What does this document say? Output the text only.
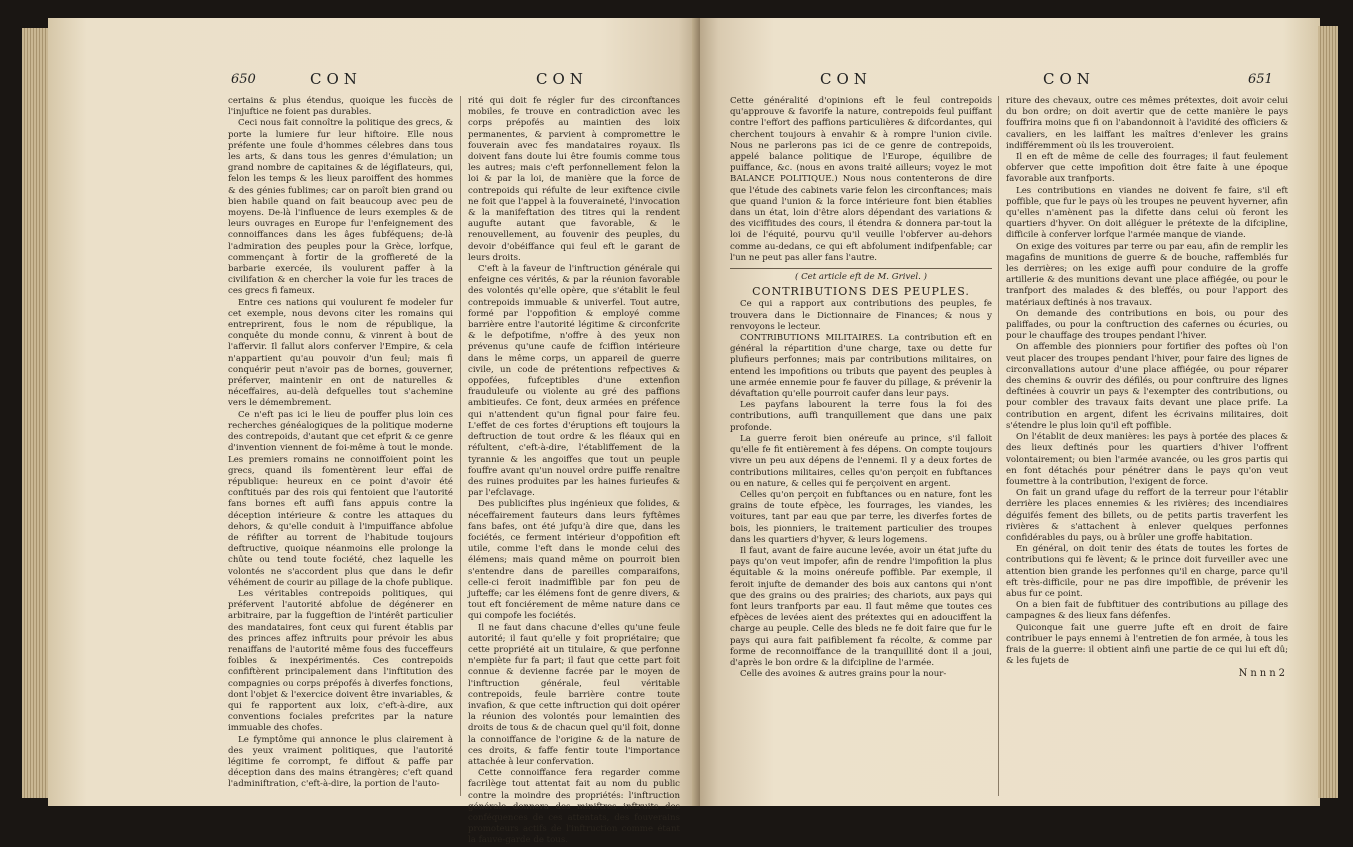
650	CON	CON

certains & plus étendus, quoique les fuccès de l'injuftice ne foient pas durables.

Ceci nous fait connoître la politique des grecs, & porte la lumiere fur leur hiftoire. Elle nous préfente une foule d'hommes célebres dans tous les arts, & dans tous les genres d'émulation; un grand nombre de capitaines & de légiflateurs, qui, felon les temps & les lieux paroiffent des hommes & des génies fublimes; car on paroît bien grand ou bien habile quand on fait beaucoup avec peu de moyens. De-là l'influence de leurs exemples & de leurs ouvrages en Europe fur l'enfeignement des connoiffances dans les âges fubféquens; de-là l'admiration des peuples pour la Grèce, lorfque, commençant à fortir de la groffiereté de la barbarie exercée, ils voulurent paffer à la civilifation & en chercher la voie fur les traces de ces grecs fi fameux.

Entre ces nations qui voulurent fe modeler fur cet exemple, nous devons citer les romains qui entreprirent, fous le nom de république, la conquête du monde connu, & vinrent à bout de l'affervir. Il fallut alors conferver l'Empire, & cela n'appartient qu'au pouvoir d'un feul; mais fi conquérir peut n'avoir pas de bornes, gouverner, préferver, maintenir en ont de naturelles & néceffaires, au-delà defquelles tout s'achemine vers le démembrement.

Ce n'eft pas ici le lieu de pouffer plus loin ces recherches généalogiques de la politique moderne des contrepoids, d'autant que cet efprit & ce genre d'invention viennent de foi-même à tout le monde. Les premiers romains ne connoiffoient point les grecs, quand ils fomentèrent leur effai de république: heureux en ce point d'avoir été conftitués par des rois qui fentoient que l'autorité fans bornes eft auffi fans appuis contre la déception intérieure & contre les attaques du dehors, & qu'elle conduit à l'impuiffance abfolue de réfifter au torrent de l'habitude toujours deftructive, quoique néanmoins elle prolonge la chûte ou tend toute fociété, chez laquelle les volontés ne s'accordent plus que dans le defir véhément de courir au pillage de la chofe publique.

Les véritables contrepoids politiques, qui préfervent l'autorité abfolue de dégénerer en arbitraire, par la fuggeftion de l'intérêt particulier des mandataires, font ceux qui furent établis par des princes affez inftruits pour prévoir les abus renaiffans de l'autorité même fous des fucceffeurs foibles & inexpérimentés. Ces contrepoids confiftèrent principalement dans l'inftitution des compagnies ou corps prépofés à diverfes fonctions, dont l'objet & l'exercice doivent être invariables, & qui fe rapportent aux loix, c'eft-à-dire, aux conventions fociales prefcrites par la nature immuable des chofes.

Le fymptôme qui annonce le plus clairement à des yeux vraiment politiques, que l'autorité légitime fe corrompt, fe diffout & paffe par déception dans des mains étrangères; c'eft quand l'adminiftration, c'eft-à-dire, la portion de l'auto-

rité qui doit fe régler fur des circonftances mobiles, fe trouve en contradiction avec les corps prépofés au maintien des loix permanentes, & parvient à compromettre le fouverain avec fes mandataires royaux. Ils doivent fans doute lui être foumis comme tous les autres; mais c'eft perfonnellement felon la loi & par la loi, de manière que la force de contrepoids qui réfulte de leur exiftence civile ne foit que l'appel à la fouveraineté, l'invocation & la manifeftation des titres qui la rendent augufte autant que favorable, & le renouvellement, au fouvenir des peuples, du devoir d'obéiffance qui feul eft le garant de leurs droits.

C'eft à la faveur de l'inftruction générale qui enfeigne ces vérités, & par la réunion favorable des volontés qu'elle opère, que s'établit le feul contrepoids immuable & univerfel. Tout autre, formé par l'oppofition & employé comme barrière entre l'autorité légitime & circonfcrite & le defpotifme, n'offre à des yeux non prévenus qu'une caufe de fciffion intérieure dans le même corps, un appareil de guerre civile, un code de prétentions refpectives & oppofées, fufceptibles d'une extenfion frauduleufe ou violente au gré des paffions ambitieufes. Ce font, deux armées en préfence qui n'attendent qu'un fignal pour faire feu. L'effet de ces fortes d'éruptions eft toujours la deftruction de tout ordre & les fléaux qui en réfultent, c'eft-à-dire, l'établiffement de la tyrannie & les angoiffes que tout un peuple fouffre avant qu'un nouvel ordre puiffe renaître des ruines produites par les haines furieufes & par l'efclavage.

Des publiciftes plus ingénieux que folides, & néceffairement fauteurs dans leurs fyftêmes fans bafes, ont été jufqu'à dire que, dans les fociétés, ce ferment intérieur d'oppofition eft utile, comme l'eft dans le monde celui des élémens; mais quand même on pourroit bien s'entendre dans de pareilles comparaifons, celle-ci feroit inadmiffible par fon peu de jufteffe; car les élémens font de genre divers, & tout eft fonciérement de même nature dans ce qui compofe les fociétés.

Il ne faut dans chacune d'elles qu'une feule autorité; il faut qu'elle y foit propriétaire; que cette propriété ait un titulaire, & que perfonne n'empiète fur fa part; il faut que cette part foit connue & devienne facrée par le moyen de l'inftruction générale, feul véritable contrepoids, feule barrière contre toute invafion, & que cette inftruction qui doit opérer la réunion des volontés pour lemaintien des droits de tous & de chacun quel qu'il foit, donne la connoiffance de l'origine & de la nature de ces droits, & faffe fentir toute l'importance attachée à leur confervation.

Cette connoiffance fera regarder comme facrilège tout attentat fait au nom du public contre la moindre des propriétés: l'inftruction générale donnera des miniftres inftruits des conféquences de ces attentats, des fouverains promoteurs actifs de l'inftruction comme étant la fauve-garde de tous.

CON	CON	651

Cette généralité d'opinions eft le feul contrepoids qu'approuve & favorife la nature, contrepoids feul puiffant contre l'effort des paffions particulières & difcordantes, qui cherchent toujours à envahir & à rompre l'union civile. Nous ne parlerons pas ici de ce genre de contrepoids, appelé balance politique de l'Europe, équilibre de puiffance, &c. (nous en avons traité ailleurs; voyez le mot BALANCE POLITIQUE.) Nous nous contenterons de dire que l'étude des cabinets varie felon les circonftances; mais que quand l'union & la force intérieure font bien établies dans un état, loin d'être alors dépendant des variations & des viciffitudes des cours, il étendra & donnera par-tout la loi de l'équité, pourvu qu'il veuille l'obferver au-dehors comme au-dedans, ce qui eft abfolument indifpenfable; car l'un ne peut pas aller fans l'autre.

( Cet article eft de M. Grivel. )

CONTRIBUTIONS DES PEUPLES.

Ce qui a rapport aux contributions des peuples, fe trouvera dans le Dictionnaire de Finances; & nous y renvoyons le lecteur.

CONTRIBUTIONS MILITAIRES. La contribution eft en général la répartition d'une charge, taxe ou dette fur plufieurs perfonnes; mais par contributions militaires, on entend les impofitions ou tributs que payent des peuples à une armée ennemie pour fe fauver du pillage, & prévenir la dévaftation qu'elle pourroit caufer dans leur pays.

Les payfans labourent la terre fous la foi des contributions, auffi tranquillement que dans une paix profonde.

La guerre feroit bien onéreufe au prince, s'il falloit qu'elle fe fit entièrement à fes dépens. On compte toujours vivre un peu aux dépens de l'ennemi. Il y a deux fortes de contributions militaires, celles qu'on perçoit en fubftances ou en nature, & celles qui fe perçoivent en argent.

Celles qu'on perçoit en fubftances ou en nature, font les grains de toute efpèce, les fourrages, les viandes, les voitures, tant par eau que par terre, les diverfes fortes de bois, les pionniers, le traitement particulier des troupes dans les quartiers d'hyver, & leurs logemens.

Il faut, avant de faire aucune levée, avoir un état jufte du pays qu'on veut impofer, afin de rendre l'impofition la plus équitable & la moins onéreufe poffible. Par exemple, il feroit injufte de demander des bois aux cantons qui n'ont que des grains ou des prairies; des chariots, aux pays qui font leurs tranfports par eau. Il faut même que toutes ces efpèces de levées aient des prétextes qui en adouciffent la charge au peuple. Celle des bleds ne fe doit faire que fur le pays qui aura fait paifiblement fa récolte, & comme par forme de reconnoiffance de la tranquillité dont il a joui, d'après le bon ordre & la difcipline de l'armée.

Celle des avoines & autres grains pour la nour-

riture des chevaux, outre ces mêmes prétextes, doit avoir celui du bon ordre; on doit avertir que de cette manière le pays fouffrira moins que fi on l'abandonnoit à l'avidité des officiers & cavaliers, en les laiffant les maîtres d'enlever les grains indifféremment où ils les trouveroient.

Il en eft de même de celle des fourrages; il faut feulement obferver que cette impofition doit être faite à une époque favorable aux tranfports.

Les contributions en viandes ne doivent fe faire, s'il eft poffible, que fur le pays où les troupes ne peuvent hyverner, afin qu'elles n'amènent pas la difette dans celui où feront les quartiers d'hyver. On doit alléguer le prétexte de la difcipline, difficile à conferver lorfque l'armée manque de viande.

On exige des voitures par terre ou par eau, afin de remplir les magafins de munitions de guerre & de bouche, raffemblés fur les derrières; on les exige auffi pour conduire de la groffe artillerie & des munitions devant une place affiégée, ou pour le tranfport des malades & des bleffés, ou pour l'apport des matériaux deftinés à nos travaux.

On demande des contributions en bois, ou pour des paliffades, ou pour la conftruction des cafernes ou écuries, ou pour le chauffage des troupes pendant l'hiver.

On affemble des pionniers pour fortifier des poftes où l'on veut placer des troupes pendant l'hiver, pour faire des lignes de circonvallations autour d'une place affiégée, ou pour réparer des chemins & ouvrir des défilés, ou pour conftruire des lignes deftinées à couvrir un pays & l'exempter des contributions, ou pour combler des travaux faits devant une place prife. La contribution en argent, difent les écrivains militaires, doit s'étendre le plus loin qu'il eft poffible.

On l'établit de deux manières: les pays à portée des places & des lieux deftinés pour les quartiers d'hiver l'offrent volontairement; ou bien l'armée avancée, ou les gros partis qui en font détachés pour pénétrer dans le pays qu'on veut foumettre à la contribution, l'exigent de force.

On fait un grand ufage du reffort de la terreur pour l'établir derrière les places ennemies & les rivières; des incendiaires déguifés fement des billets, ou de petits partis traverfent les rivières & s'attachent à enlever quelques perfonnes confidérables du pays, ou à brûler une groffe habitation.

En général, on doit tenir des états de toutes les fortes de contributions qui fe lèvent; & le prince doit furveiller avec une attention bien grande les perfonnes qu'il en charge, parce qu'il eft très-difficile, pour ne pas dire impoffible, de prévenir les abus fur ce point.

On a bien fait de fubftituer des contributions au pillage des campagnes & des lieux fans défenfes.

Quiconque fait une guerre jufte eft en droit de faire contribuer le pays ennemi à l'entretien de fon armée, à tous les frais de la guerre: il obtient ainfi une partie de ce qui lui eft dû; & les fujets de

Nnnn2
